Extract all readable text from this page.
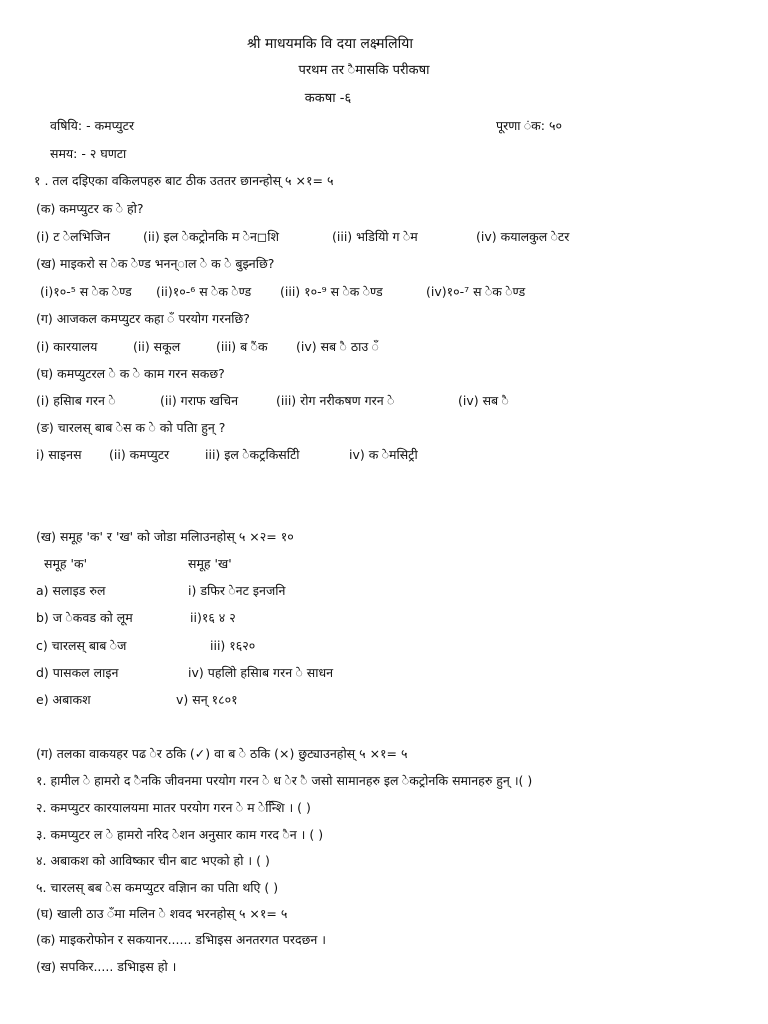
श्री माधयमकि वि दया लक्ष्मलियिा
परथम तर ैमासकि परीकषा
ककषा -६
वषियि: - कमप्युटर	पूरणा ंक: ५०
समय: - २ घणटा
१ . तल दइिएका वकिलपहरु बाट ठीक उततर छानन्होस् ५ ×१= ५
(क) कमप्युटर क े हो?
(i) ट ेलभिजिन	(ii) इल ेकट्रोनकि म ेन◻शि	(iii) भडियिो ग ेम	(iv) कयालकुल ेटर
(ख) माइकरो स ेक ेण्ड भनन्ाल े क े बुझ्नछि?
(i)१०-⁵ स ेक ेण्ड (ii)१०-⁶ स ेक ेण्ड (iii) १०-⁹ स ेक ेण्ड	(iv)१०-⁷ स ेक ेण्ड
(ग) आजकल कमप्युटर कहा ँ परयोग गरनछि?
(i) कारयालय	(ii) सकूल	(iii) ब ैंक (iv) सब ै ठाउ ँ
(घ) कमप्युटरल े क े काम गरन सकछ?
(i) हसिाब गरन े	(ii) गराफ खचिन	(iii) रोग नरीकषण गरन े	(iv) सब ै
(ङ) चारलस् बाब ेस क े को पतिा हुन् ?
i) साइनस (ii) कमप्युटर	iii) इल ेकट्रकिसटिी	iv) क ेमसिट्री
(ख) समूह 'क' र 'ख' को जोडा मलिाउनहोस् ५ ×२= १०
समूह 'क'	समूह 'ख'
a) सलाइड रुल	i) डफिर ेनट इनजनि
b) ज ेकवड को लूम	ii)१६ ४ २
c) चारलस् बाब ेज	iii) १६२०
d) पासकल लाइन	iv) पहलिो हसिाब गरन े साधन
e) अबाकश	v) सन् १८०१
(ग) तलका वाकयहर पढ ेर ठकि (✓) वा ब े ठकि (×) छुट्याउनहोस् ५ ×१= ५
१. हामील े हामरो द ैनकि जीवनमा परयोग गरन े ध ेर ै जसो सामानहरु इल ेकट्रोनकि समानहरु हुन् ।( )
२. कमप्युटर कारयालयमा मातर परयोग गरन े म ेन्शिि । ( )
३. कमप्युटर ल े हामरो नरिद ेशन अनुसार काम गरद ैन । ( )
४. अबाकश को आविष्कार चीन बाट भएको हो । ( )
५. चारलस् बब ेस कमप्युटर वज्ञिान का पतिा थएि ( )
(घ) खाली ठाउ ँमा मलिन े शवद भरनहोस् ५ ×१= ५
(क) माइकरोफोन र सकयानर...... डभिाइस अनतरगत परदछन ।
(ख) सपकिर..... डभिाइस हो ।
